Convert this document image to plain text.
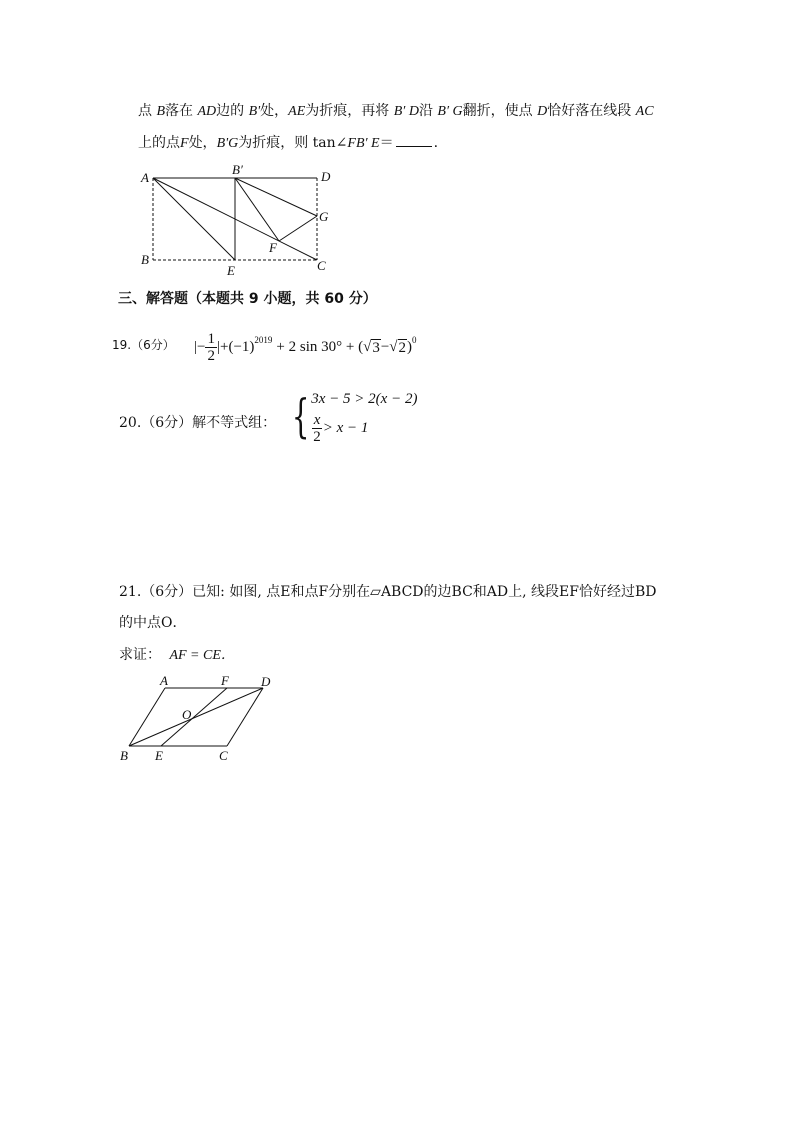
点 B落在 AD边的 B'处，AE为折痕，再将 B′ D沿 B′ G翻折，使点 D恰好落在线段 AC
上的点F处，B'G为折痕，则 tan∠FB′ E＝	.
A
B′	D
G
F
B
E	C
三、解答题（本题共 9 小题，共 60 分）
19.（6分） |− $\frac{1}{2}$ | $+(-1)^{2019} + 2$ sin 30° + ( √ 3 − √ 2 )$^0$
20.（6分）解不等式组： { 3x − 5 > 2(x − 2)
$\frac{x}{2} > x - 1$
21.（6分）已知: 如图, 点E和点F分别在▱ABCD的边BC和AD上, 线段EF恰好经过BD
的中点O．
求证： AF = CE．
A	F D
O
B E	C
